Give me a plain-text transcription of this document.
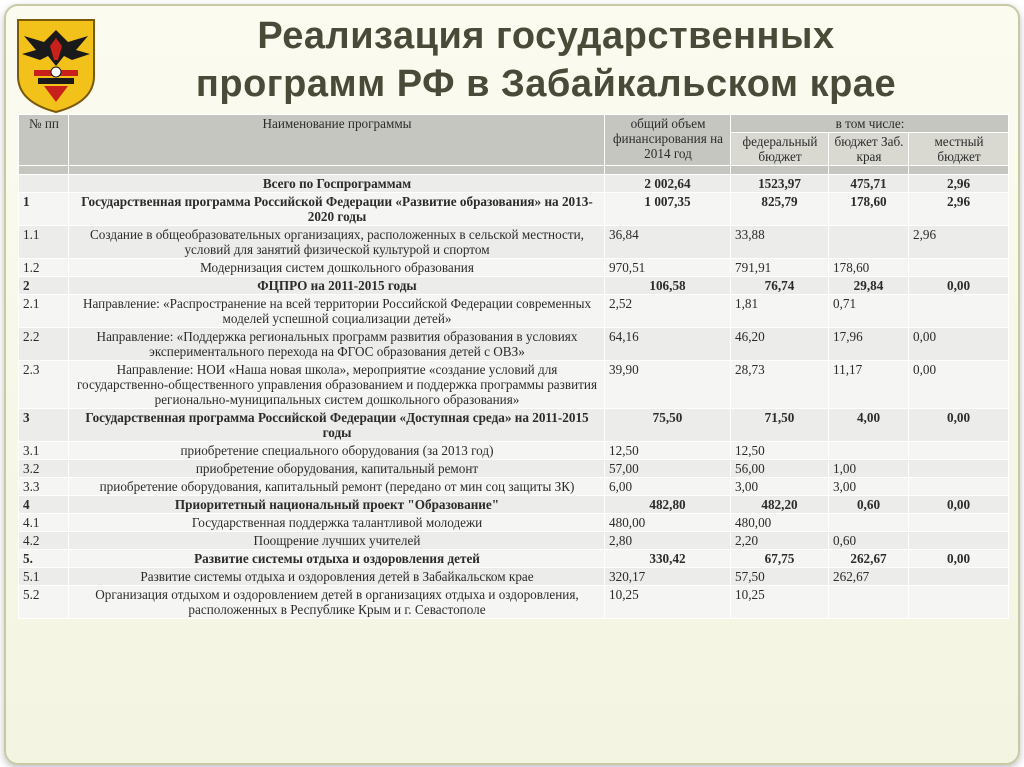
Реализация государственных
программ РФ в Забайкальском крае
№ пп	Наименование программы	общий объем финансирования на 2014 год	в том числе:		
			федеральный бюджет	бюджет Заб. края	местный бюджет

	Всего по Госпрограммам	2 002,64	1523,97	475,71	2,96
1	Государственная программа Российской Федерации «Развитие образования» на 2013-2020 годы	1 007,35	825,79	178,60	2,96
1.1	Создание в общеобразовательных организациях, расположенных в сельской местности, условий для занятий физической культурой и спортом	36,84	33,88		2,96
1.2	Модернизация систем дошкольного образования	970,51	791,91	178,60	
2	ФЦПРО на 2011-2015 годы	106,58	76,74	29,84	0,00
2.1	Направление: «Распространение на всей территории Российской Федерации современных моделей успешной социализации детей»	2,52	1,81	0,71	
2.2	Направление: «Поддержка региональных программ развития образования в условиях экспериментального перехода на ФГОС образования детей с ОВЗ»	64,16	46,20	17,96	0,00
2.3	Направление: НОИ «Наша новая школа», мероприятие «создание условий для государственно-общественного управления образованием и поддержка программы развития регионально-муниципальных систем дошкольного образования»	39,90	28,73	11,17	0,00
3	Государственная программа Российской Федерации «Доступная среда» на 2011-2015 годы	75,50	71,50	4,00	0,00
3.1	приобретение специального оборудования (за 2013 год)	12,50	12,50		
3.2	приобретение оборудования, капитальный ремонт	57,00	56,00	1,00	
3.3	приобретение оборудования, капитальный ремонт (передано от мин соц защиты ЗК)	6,00	3,00	3,00	
4	Приоритетный национальный проект "Образование"	482,80	482,20	0,60	0,00
4.1	Государственная поддержка талантливой молодежи	480,00	480,00		
4.2	Поощрение лучших учителей	2,80	2,20	0,60	
5.	Развитие системы отдыха и оздоровления детей	330,42	67,75	262,67	0,00
5.1	Развитие системы отдыха и оздоровления детей в Забайкальском крае	320,17	57,50	262,67	
5.2	Организация отдыхом и оздоровлением детей в организациях отдыха и оздоровления, расположенных в Республике Крым и г. Севастополе	10,25	10,25		
